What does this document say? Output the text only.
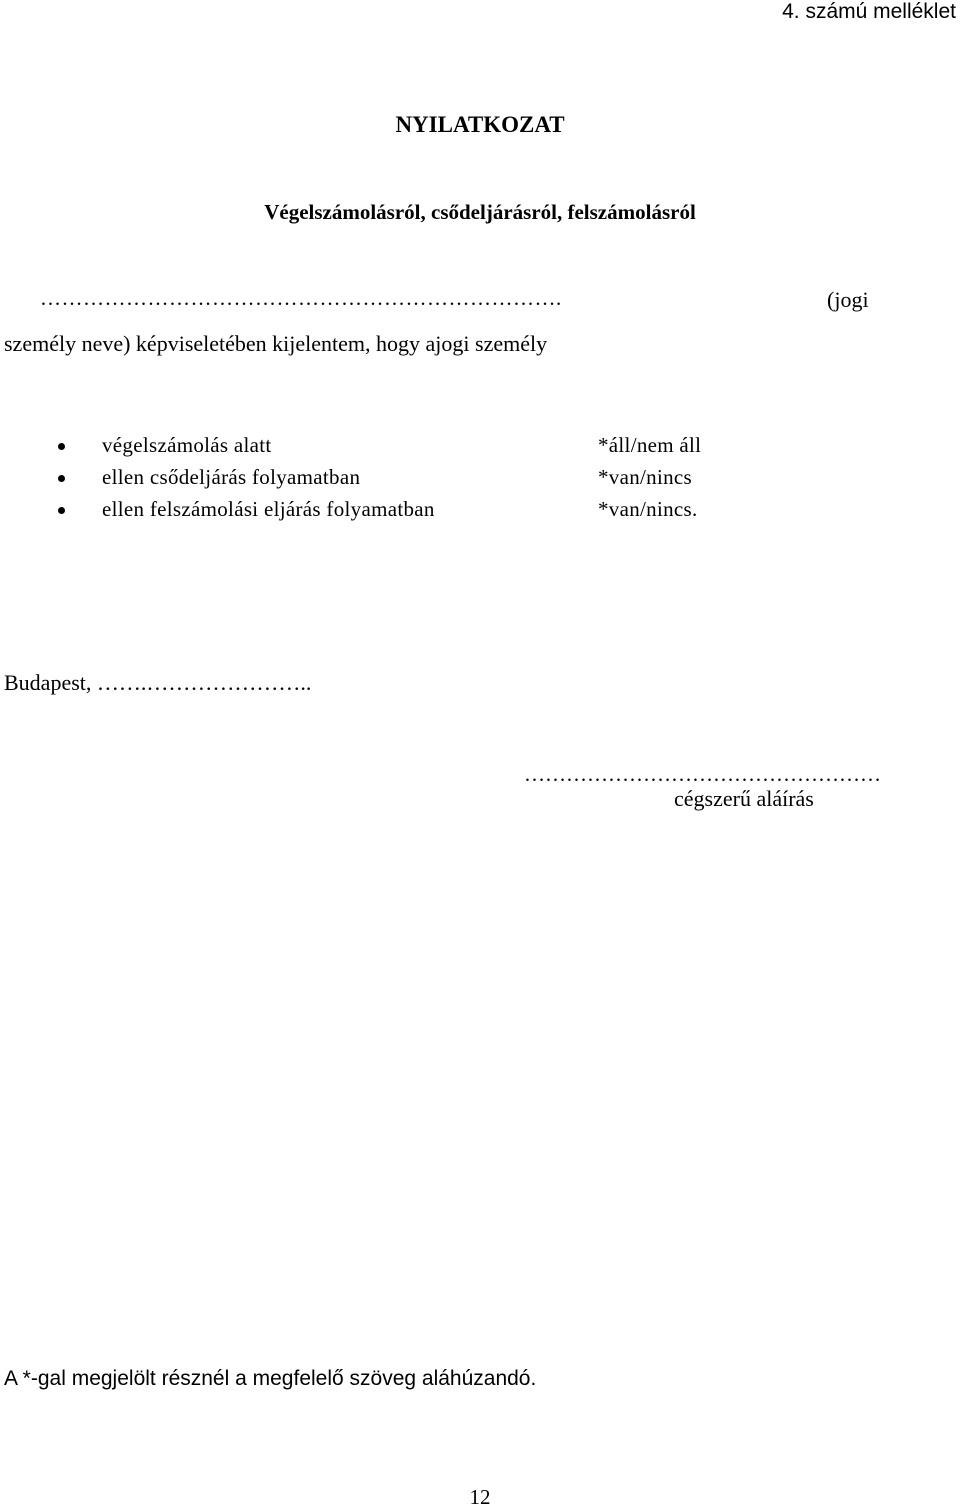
4. számú melléklet
NYILATKOZAT
Végelszámolásról, csődeljárásról, felszámolásról
……………………………………………………………….	(jogi
személy neve) képviseletében kijelentem, hogy ajogi személy
végelszámolás alatt	*áll/nem áll
ellen csődeljárás folyamatban	*van/nincs
ellen felszámolási eljárás folyamatban	*van/nincs.
Budapest, …….…………………..
……………………………………………
cégszerű aláírás
A *-gal megjelölt résznél a megfelelő szöveg aláhúzandó.
12
